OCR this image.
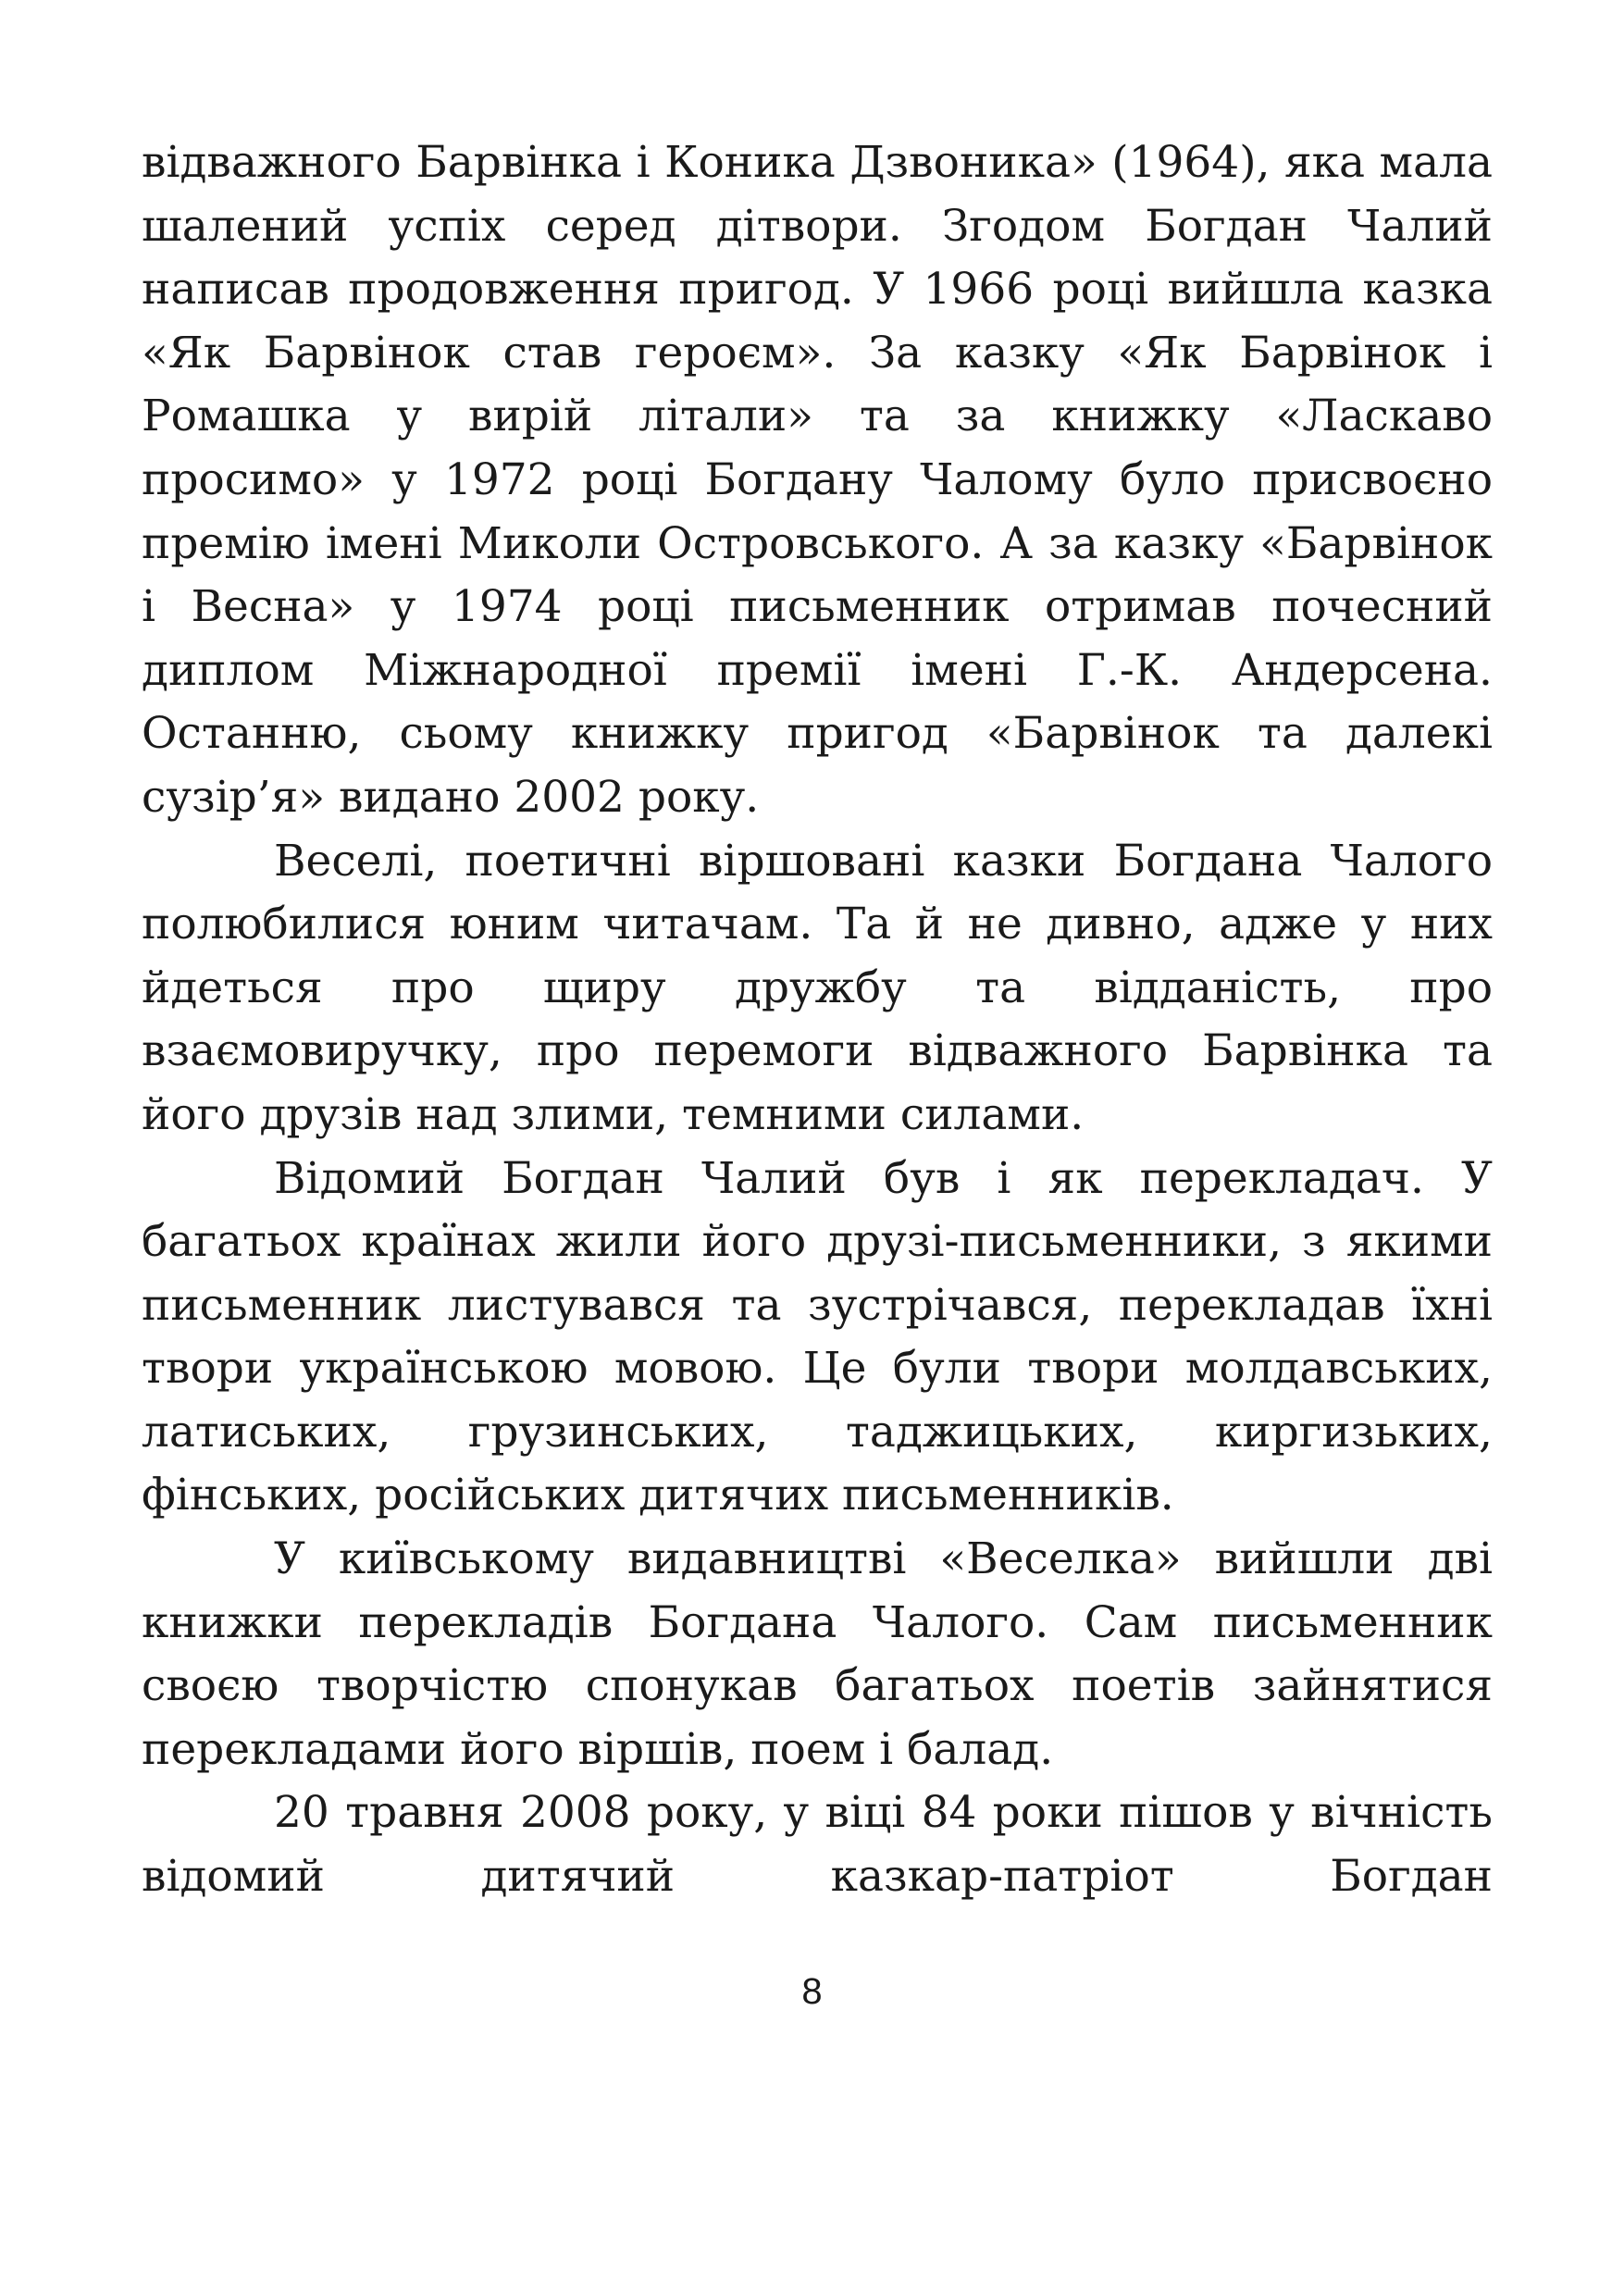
відважного Барвінка і Коника Дзвоника» (1964), яка мала шалений успіх серед дітвори. Згодом Богдан Чалий написав продовження пригод. У 1966 році вийшла казка «Як Барвінок став героєм». За казку «Як Барвінок і Ромашка у вирій літали» та за книжку «Ласкаво просимо» у 1972 році Богдану Чалому було присвоєно премію імені Миколи Островського. А за казку «Барвінок і Весна» у 1974 році письменник отримав почесний диплом Міжнародної премії імені Г.-К. Андерсена. Останню, сьому книжку пригод «Барвінок та далекі сузір’я» видано 2002 року.

Веселі, поетичні віршовані казки Богдана Чалого полюбилися юним читачам. Та й не дивно, адже у них йдеться про щиру дружбу та відданість, про взаємовиручку, про перемоги відважного Барвінка та його друзів над злими, темними силами.

Відомий Богдан Чалий був і як перекладач. У багатьох країнах жили його друзі-письменники, з якими письменник листувався та зустрічався, перекладав їхні твори українською мовою. Це були твори молдавських, латиських, грузинських, таджицьких, киргизьких, фінських, російських дитячих письменників.

У київському видавництві «Веселка» вийшли дві книжки перекладів Богдана Чалого. Сам письменник своєю творчістю спонукав багатьох поетів зайнятися перекладами його віршів, поем і балад.

20 травня 2008 року, у віці 84 роки пішов у вічність відомий дитячий казкар-патріот Богдан

8
